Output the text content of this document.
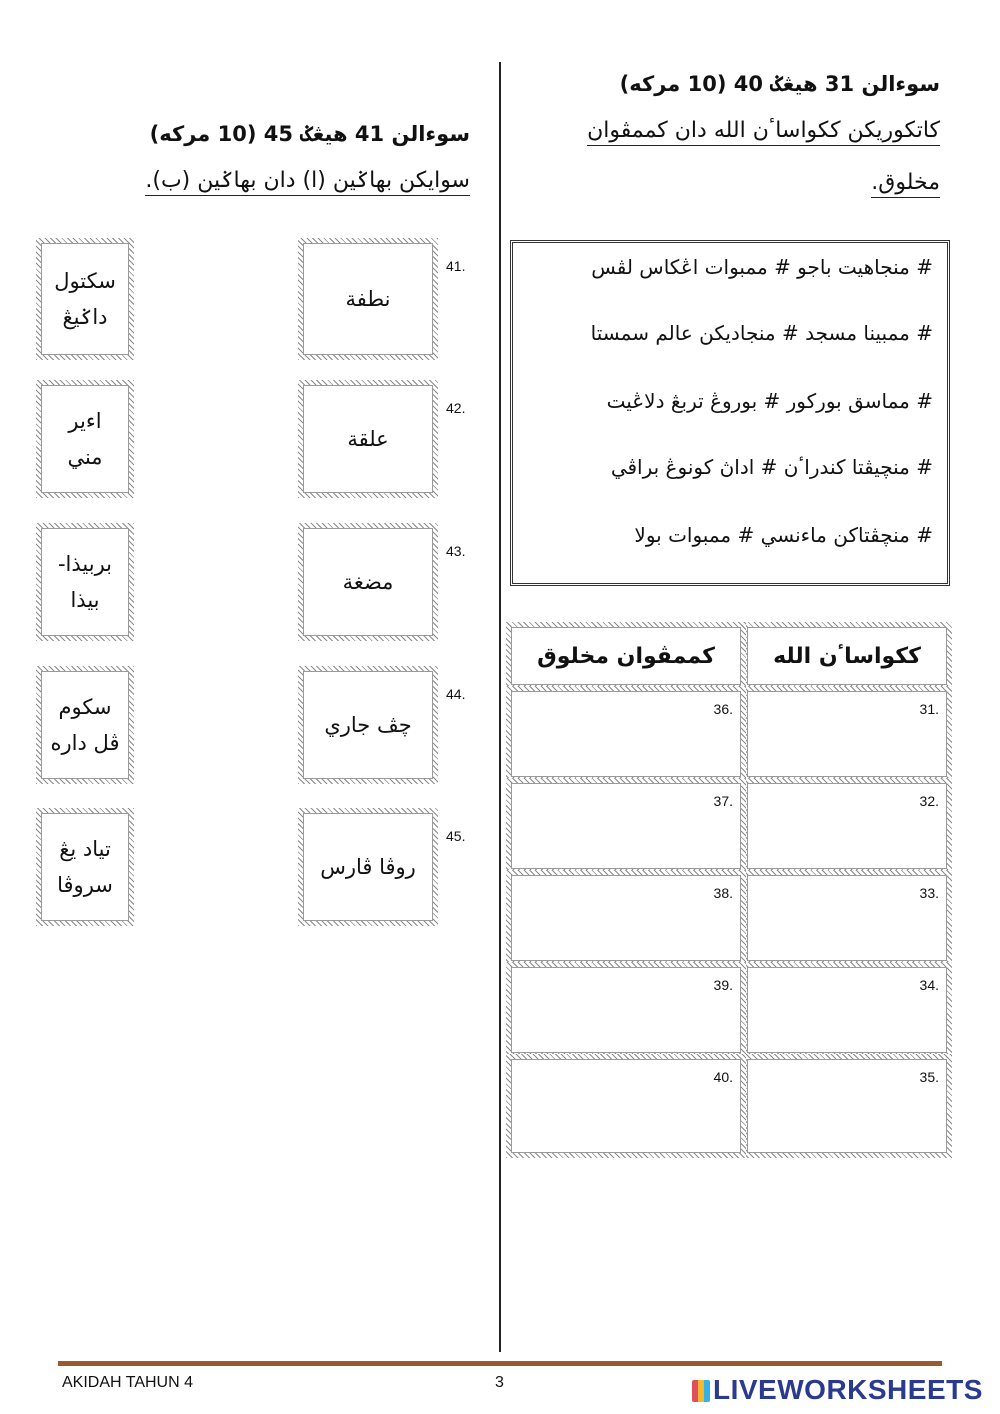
سوءالن 31 هيڠݢ 40 (10 مرکه)
کاتکوريکن ککواساٴن الله دان کممڤوان
مخلوق.
# منجاهيت باجو # ممبوات اڠکاس لڤس
# ممبينا مسجد # منجاديکن عالم سمستا
# مماسق بورکور # بوروڠ تربڠ دلاڠيت
# منچيڤتا کندراٴن # اداڽ کونوڠ براڤي
# منچڤتاکن ماءنسي # ممبوات بولا
ککواساٴن الله
کممڤوان مخلوق
31.
32.
33.
34.
35.
36.
37.
38.
39.
40.
سوءالن 41 هيڠݢ 45 (10 مرکه)
سوايکن بهاݢين (ا) دان بهاݢين (ب).
41.
نطفة
سکتول
داݢيڠ
42.
علقة
اءير
مني
43.
مضغة
بربيذا-
بيذا
44.
چڤ جاري
سکوم
ڤل داره
45.
روڤا ڤارس
تياد يڠ
سروڤا
AKIDAH TAHUN 4	3	LIVEWORKSHEETS
